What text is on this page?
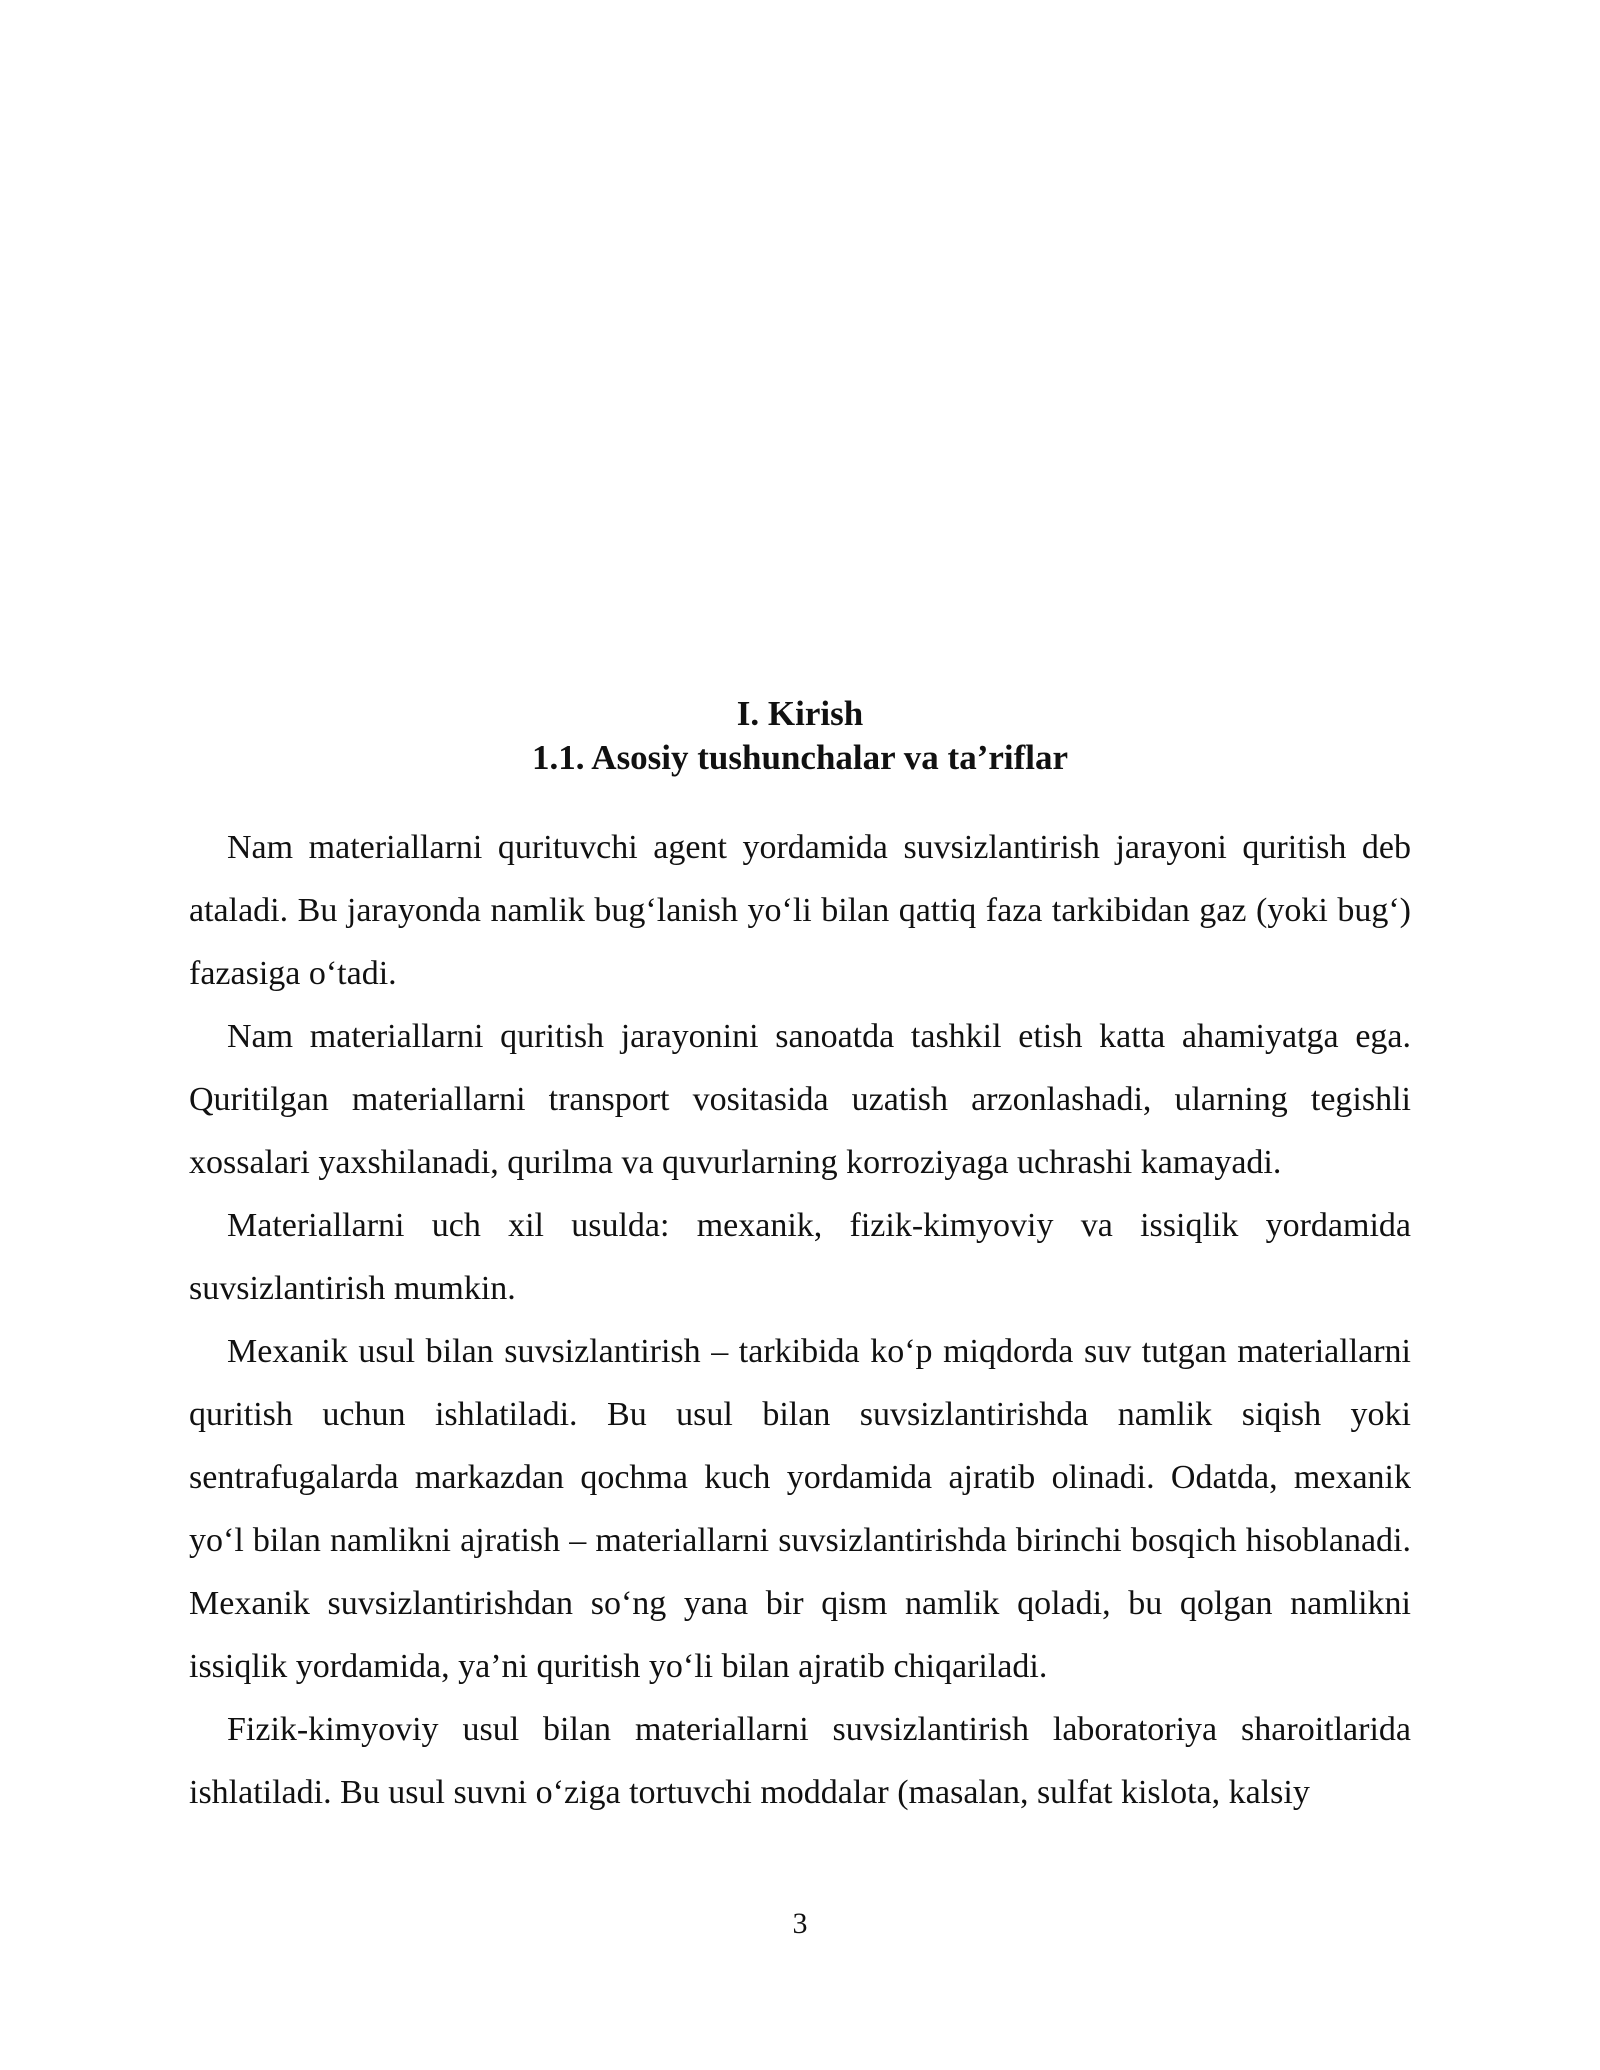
I. Kirish
1.1. Asosiy tushunchalar va ta’riflar

Nam materiallarni qurituvchi agent yordamida suvsizlantirish jarayoni quritish deb ataladi. Bu jarayonda namlik bug‘lanish yo‘li bilan qattiq faza tarkibidan gaz (yoki bug‘) fazasiga o‘tadi.

Nam materiallarni quritish jarayonini sanoatda tashkil etish katta ahamiyatga ega. Quritilgan materiallarni transport vositasida uzatish arzonlashadi, ularning tegishli xossalari yaxshilanadi, qurilma va quvurlarning korroziyaga uchrashi kamayadi.

Materiallarni uch xil usulda: mexanik, fizik-kimyoviy va issiqlik yordamida suvsizlantirish mumkin.

Mexanik usul bilan suvsizlantirish – tarkibida ko‘p miqdorda suv tutgan materiallarni quritish uchun ishlatiladi. Bu usul bilan suvsizlantirishda namlik siqish yoki sentrafugalarda markazdan qochma kuch yordamida ajratib olinadi. Odatda, mexanik yo‘l bilan namlikni ajratish – materiallarni suvsizlantirishda birinchi bosqich hisoblanadi. Mexanik suvsizlantirishdan so‘ng yana bir qism namlik qoladi, bu qolgan namlikni issiqlik yordamida, ya’ni quritish yo‘li bilan ajratib chiqariladi.

Fizik-kimyoviy usul bilan materiallarni suvsizlantirish laboratoriya sharoitlarida ishlatiladi. Bu usul suvni o‘ziga tortuvchi moddalar (masalan, sulfat kislota, kalsiy

3
